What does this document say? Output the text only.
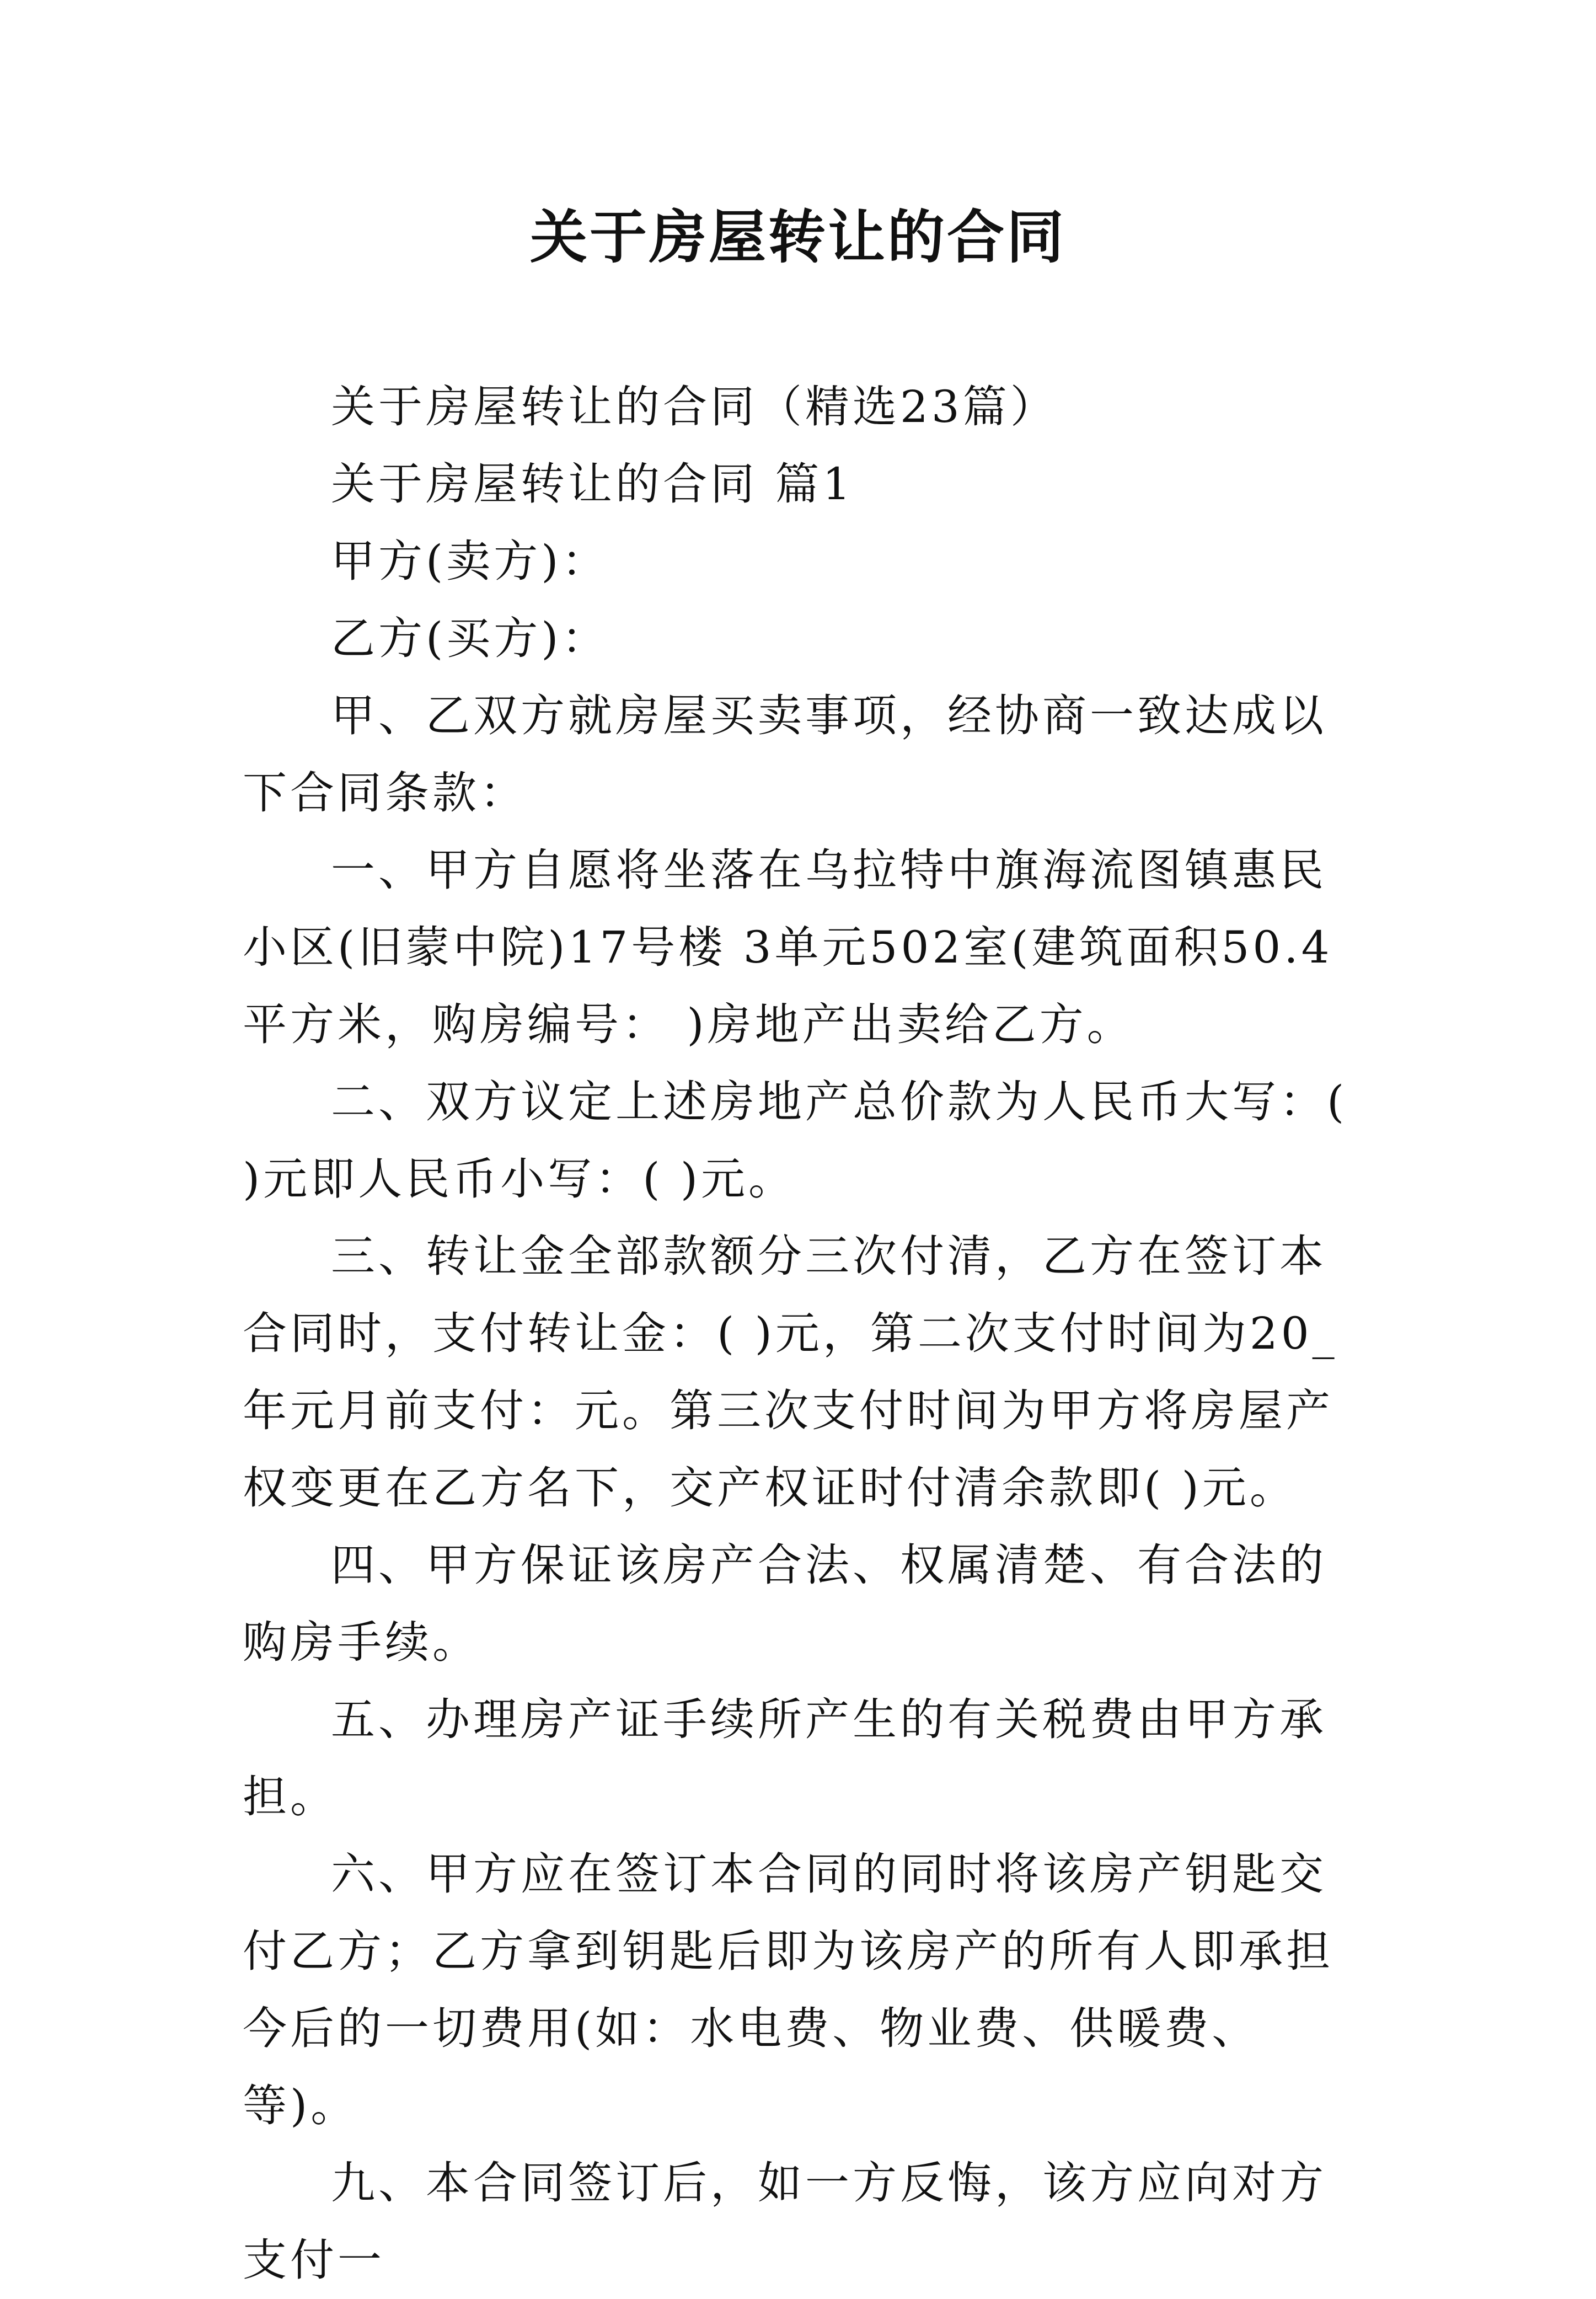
关于房屋转让的合同

关于房屋转让的合同（精选23篇）

关于房屋转让的合同 篇1

甲方(卖方)：

乙方(买方)：

甲、乙双方就房屋买卖事项，经协商一致达成以下合同条款：

一、甲方自愿将坐落在乌拉特中旗海流图镇惠民小区(旧蒙中院)17号楼 3单元502室(建筑面积50.4平方米，购房编号： )房地产出卖给乙方。

二、双方议定上述房地产总价款为人民币大写：( )元即人民币小写：( )元。

三、转让金全部款额分三次付清，乙方在签订本合同时，支付转让金：( )元，第二次支付时间为20_年元月前支付：元。第三次支付时间为甲方将房屋产权变更在乙方名下，交产权证时付清余款即( )元。

四、甲方保证该房产合法、权属清楚、有合法的购房手续。

五、办理房产证手续所产生的有关税费由甲方承担。

六、甲方应在签订本合同的同时将该房产钥匙交付乙方；乙方拿到钥匙后即为该房产的所有人即承担今后的一切费用(如：水电费、物业费、供暖费、等)。

九、本合同签订后，如一方反悔，该方应向对方支付一
